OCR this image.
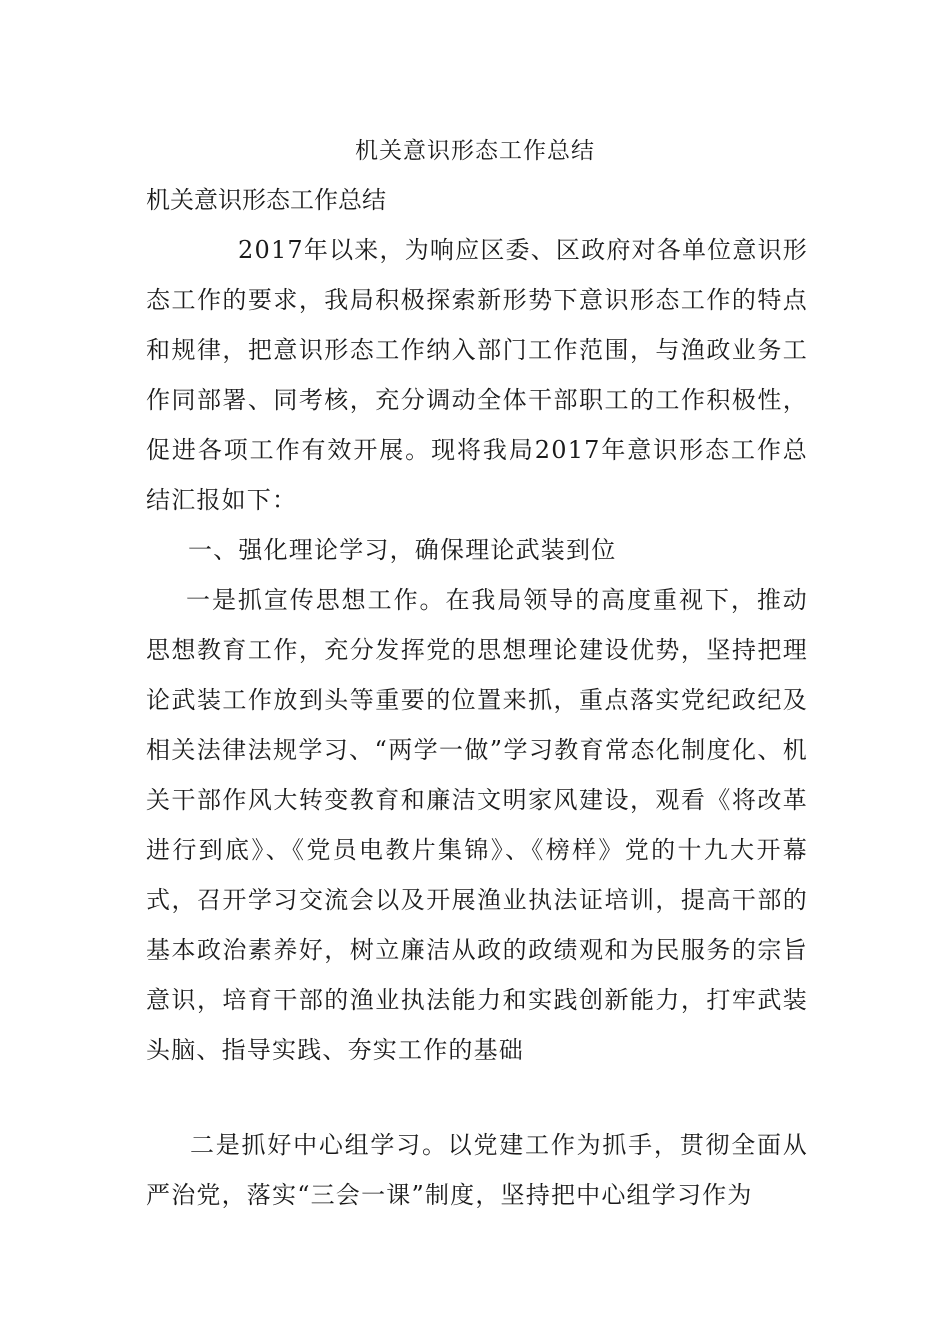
机关意识形态工作总结

机关意识形态工作总结

2017年以来，为响应区委、区政府对各单位意识形态工作的要求，我局积极探索新形势下意识形态工作的特点和规律，把意识形态工作纳入部门工作范围，与渔政业务工作同部署、同考核，充分调动全体干部职工的工作积极性，促进各项工作有效开展。现将我局2017年意识形态工作总结汇报如下：

一、强化理论学习，确保理论武装到位

一是抓宣传思想工作。在我局领导的高度重视下，推动思想教育工作，充分发挥党的思想理论建设优势，坚持把理论武装工作放到头等重要的位置来抓，重点落实党纪政纪及相关法律法规学习、“两学一做”学习教育常态化制度化、机关干部作风大转变教育和廉洁文明家风建设，观看《将改革进行到底》、《党员电教片集锦》、《榜样》党的十九大开幕式，召开学习交流会以及开展渔业执法证培训，提高干部的基本政治素养好，树立廉洁从政的政绩观和为民服务的宗旨意识，培育干部的渔业执法能力和实践创新能力，打牢武装头脑、指导实践、夯实工作的基础

二是抓好中心组学习。以党建工作为抓手，贯彻全面从严治党，落实“三会一课”制度，坚持把中心组学习作为
